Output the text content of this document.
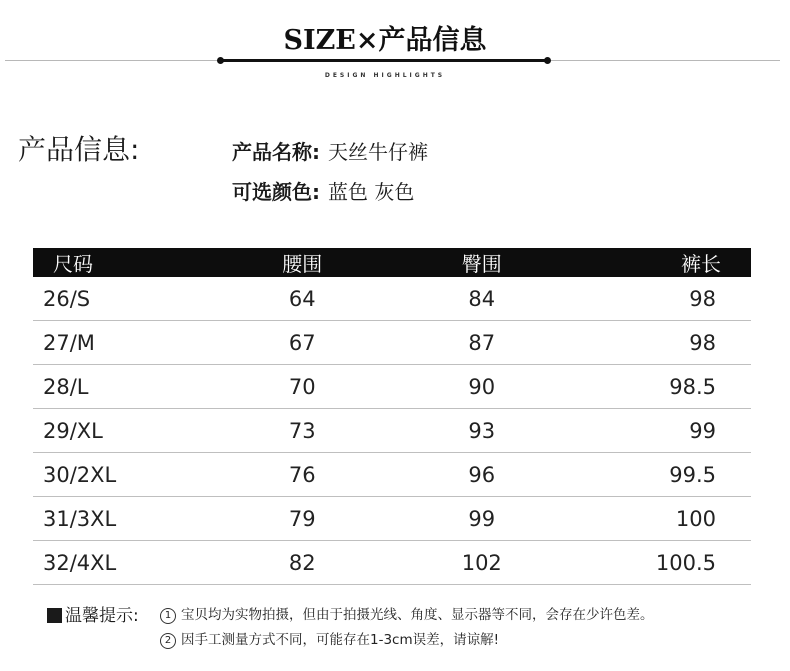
SIZE×产品信息
DESIGN HIGHLIGHTS
产品信息:	产品名称: 天丝牛仔裤
可选颜色: 蓝色 灰色
尺码	腰围	臀围	裤长
26/S	64	84	98
27/M	67	87	98
28/L	70	90	98.5
29/XL	73	93	99
30/2XL	76	96	99.5
31/3XL	79	99	100
32/4XL	82	102	100.5
温馨提示:	1 宝贝均为实物拍摄，但由于拍摄光线、角度、显示器等不同，会存在少许色差。
2 因手工测量方式不同，可能存在1-3cm误差，请谅解!
